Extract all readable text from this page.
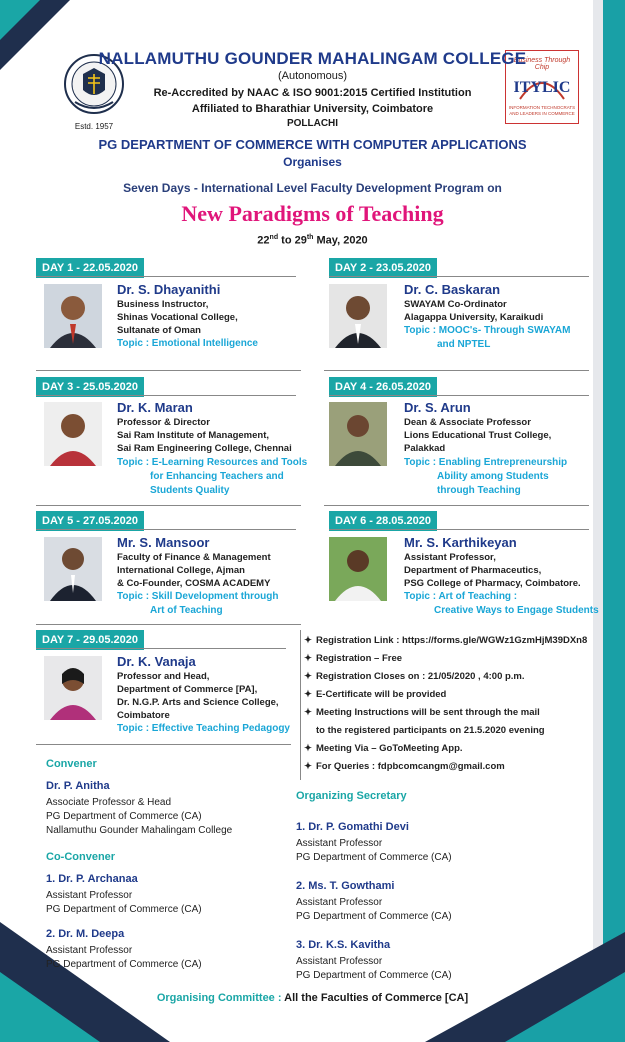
Estd. 1957
Business Through Chip
ITYLIC
INFORMATION TECHNOCRATS AND LEADERS IN COMMERCE
NALLAMUTHU GOUNDER MAHALINGAM COLLEGE
(Autonomous)
Re-Accredited by NAAC & ISO 9001:2015 Certified Institution
Affiliated to Bharathiar University, Coimbatore
POLLACHI
PG DEPARTMENT OF COMMERCE WITH COMPUTER APPLICATIONS
Organises
Seven Days - International Level Faculty Development Program on
New Paradigms of Teaching
22nd to 29th May, 2020
DAY 1 - 22.05.2020
Dr. S. Dhayanithi
Business Instructor,
Shinas Vocational College,
Sultanate of Oman
Topic : Emotional Intelligence
DAY 2 - 23.05.2020
Dr. C. Baskaran
SWAYAM Co-Ordinator
Alagappa University, Karaikudi
Topic : MOOC's- Through SWAYAM
and NPTEL
DAY 3 - 25.05.2020
Dr. K. Maran
Professor & Director
Sai Ram Institute of Management,
Sai Ram Engineering College, Chennai
Topic : E-Learning Resources and Tools
for Enhancing Teachers and
Students Quality
DAY 4 - 26.05.2020
Dr. S. Arun
Dean & Associate Professor
Lions Educational Trust College,
Palakkad
Topic : Enabling Entrepreneurship
Ability among Students
through Teaching
DAY 5 - 27.05.2020
Mr. S. Mansoor
Faculty of Finance & Management
International College, Ajman
& Co-Founder, COSMA ACADEMY
Topic : Skill Development through
Art of Teaching
DAY 6 - 28.05.2020
Mr. S. Karthikeyan
Assistant Professor,
Department of Pharmaceutics,
PSG College of Pharmacy, Coimbatore.
Topic : Art of Teaching :
Creative Ways to Engage Students
DAY 7 - 29.05.2020
Dr. K. Vanaja
Professor and Head,
Department of Commerce [PA],
Dr. N.G.P. Arts and Science College,
Coimbatore
Topic : Effective Teaching Pedagogy
✦ Registration Link : https://forms.gle/WGWz1GzmHjM39DXn8
✦ Registration – Free
✦ Registration Closes on : 21/05/2020 , 4:00 p.m.
✦ E-Certificate will be provided
✦ Meeting Instructions will be sent through the mail
to the registered participants on 21.5.2020 evening
✦ Meeting Via – GoToMeeting App.
✦ For Queries : fdpbcomcangm@gmail.com
Convener
Dr. P. Anitha
Associate Professor & Head
PG Department of Commerce (CA)
Nallamuthu Gounder Mahalingam College
Co-Convener
1. Dr. P. Archanaa
Assistant Professor
PG Department of Commerce (CA)
2. Dr. M. Deepa
Assistant Professor
PG Department of Commerce (CA)
Organizing Secretary
1. Dr. P. Gomathi Devi
Assistant Professor
PG Department of Commerce (CA)
2. Ms. T. Gowthami
Assistant Professor
PG Department of Commerce (CA)
3. Dr. K.S. Kavitha
Assistant Professor
PG Department of Commerce (CA)
Organising Committee : All the Faculties of Commerce [CA]
